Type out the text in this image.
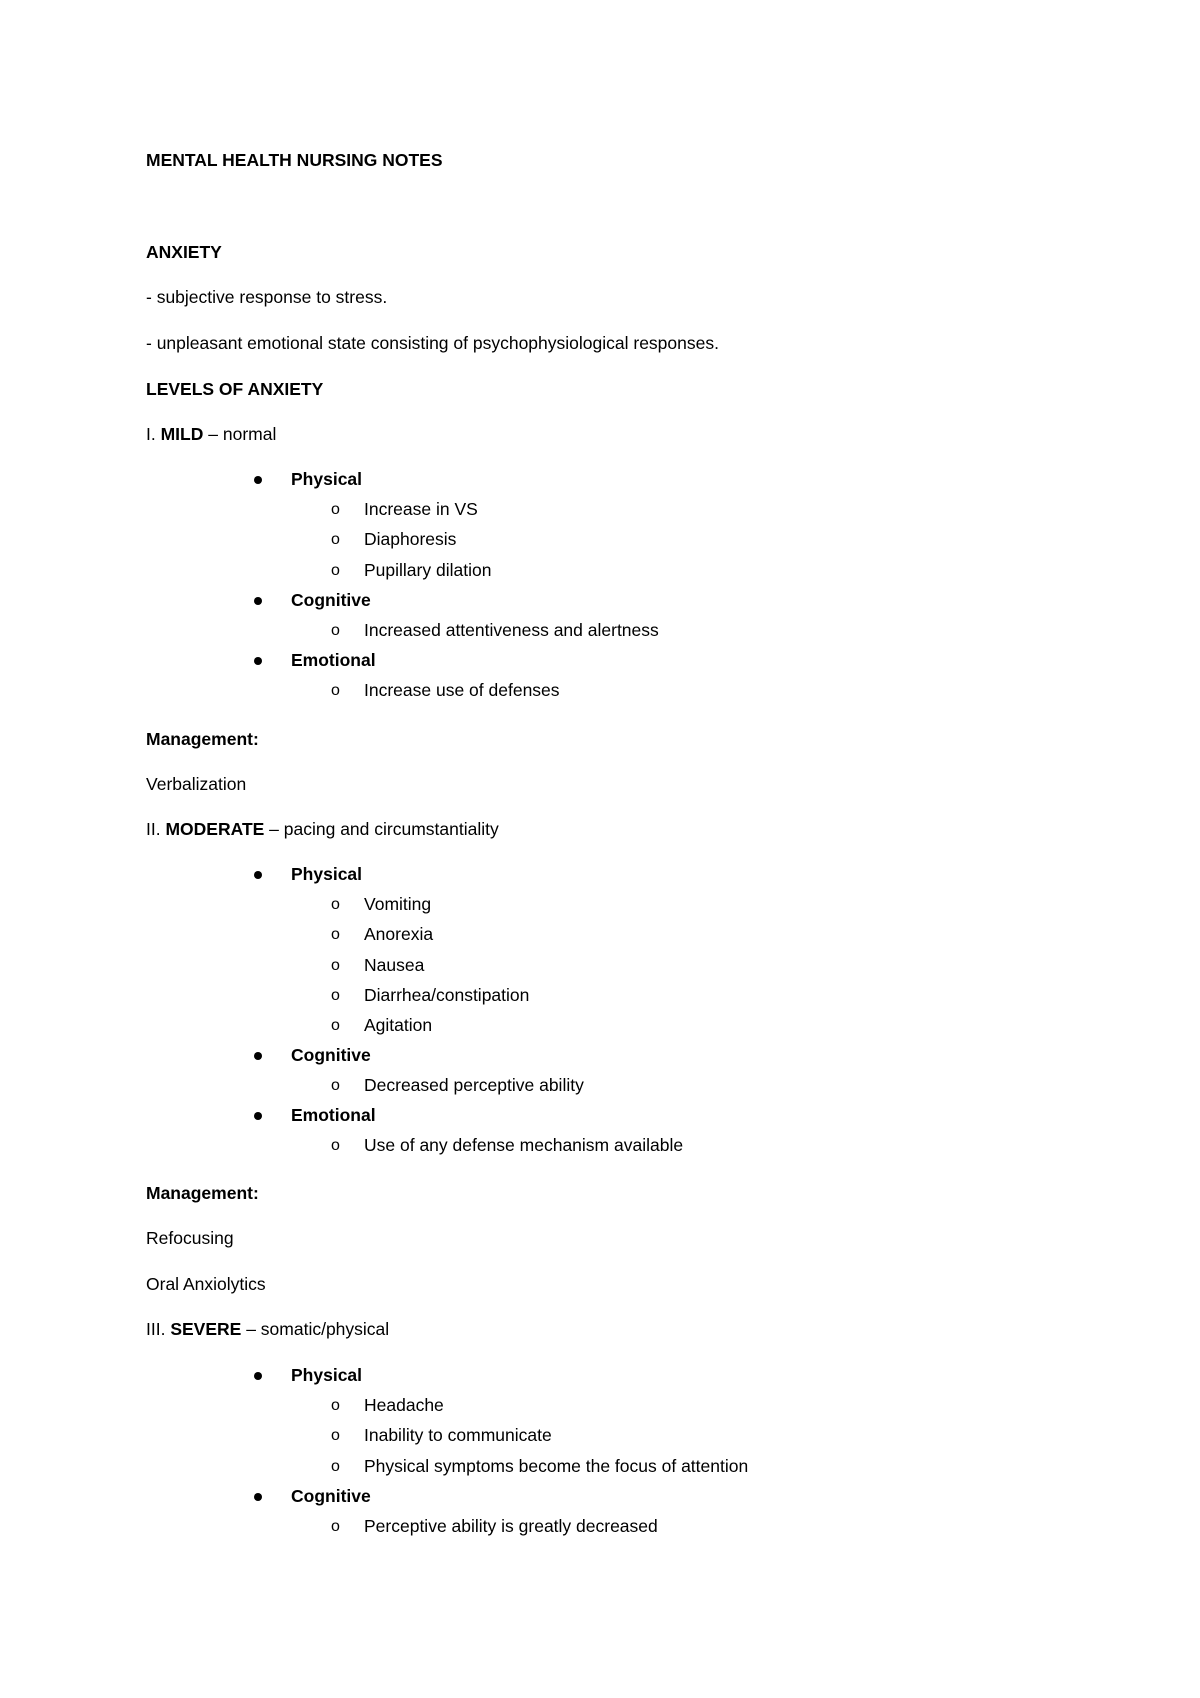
MENTAL HEALTH NURSING NOTES
ANXIETY
- subjective response to stress.
- unpleasant emotional state consisting of psychophysiological responses.
LEVELS OF ANXIETY
I. MILD – normal
Physical
o Increase in VS
o Diaphoresis
o Pupillary dilation
Cognitive
o Increased attentiveness and alertness
Emotional
o Increase use of defenses
Management:
Verbalization
II. MODERATE – pacing and circumstantiality
Physical
o Vomiting
o Anorexia
o Nausea
o Diarrhea/constipation
o Agitation
Cognitive
o Decreased perceptive ability
Emotional
o Use of any defense mechanism available
Management:
Refocusing
Oral Anxiolytics
III. SEVERE – somatic/physical
Physical
o Headache
o Inability to communicate
o Physical symptoms become the focus of attention
Cognitive
o Perceptive ability is greatly decreased
